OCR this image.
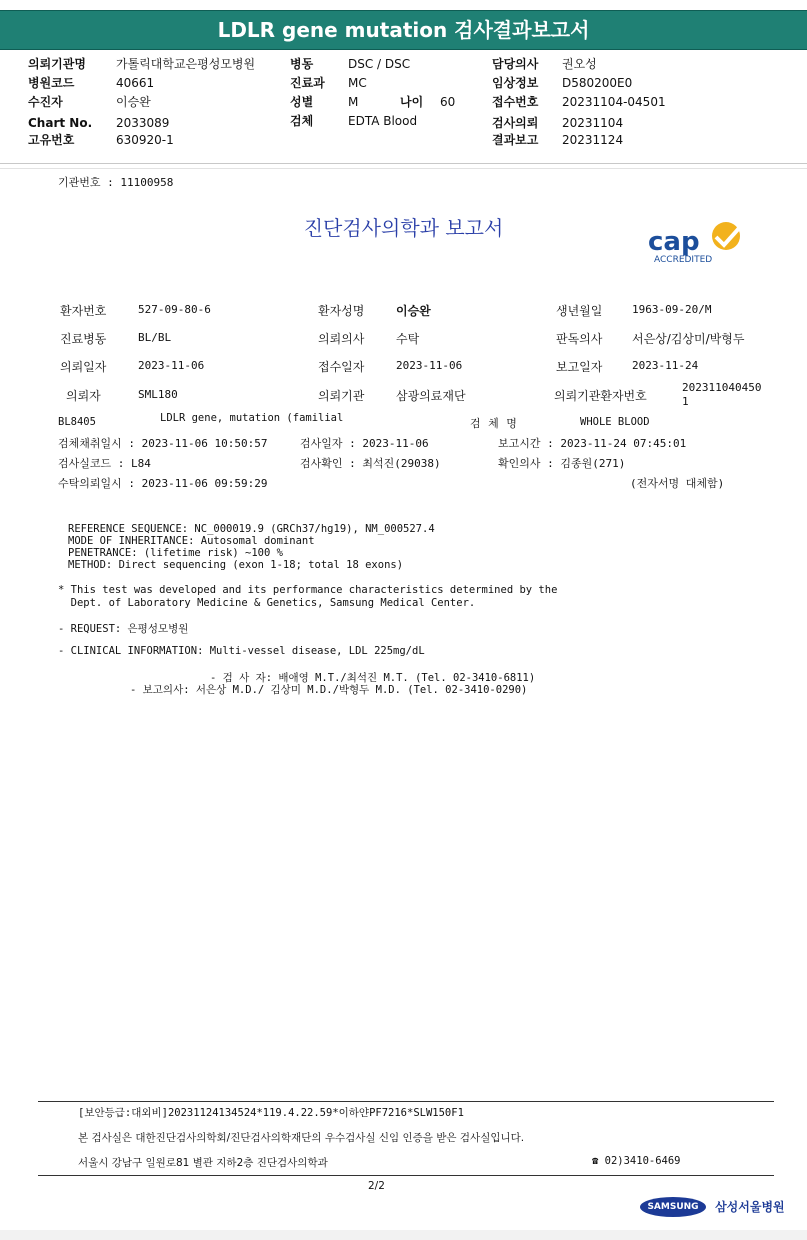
LDLR gene mutation 검사결과보고서
의뢰기관명	가톨릭대학교은평성모병원
병원코드	40661
수진자	이승완
Chart No. 2033089
고유번호	630920-1
병동	DSC / DSC
진료과 MC
성별	M	나이 60
검체	EDTA Blood
담당의사 권오성
임상정보 D580200E0
접수번호 20231104-04501
검사의뢰 20231104
결과보고 20231124
기관번호 : 11100958
진단검사의학과 보고서	cap
ACCREDITED
환자번호	527-09-80-6	환자성명	이승완	생년월일	1963-09-20/M
진료병동	BL/BL	의뢰의사	수탁	판독의사 서은상/김상미/박형두
의뢰일자	2023-11-06	접수일자	2023-11-06	보고일자	2023-11-24
의뢰자	SML180	의뢰기관	삼광의료재단	의뢰기관환자번호
202311040450
1
BL8405	LDLR gene, mutation (familial	검 체 명	WHOLE BLOOD
검체채취일시 : 2023-11-06 10:50:57	검사일자 : 2023-11-06	보고시간 : 2023-11-24 07:45:01
검사실코드 : L84	검사확인 : 최석진(29038)	확인의사 : 김종원(271)
수탁의뢰일시 : 2023-11-06 09:59:29	(전자서명 대체함)
REFERENCE SEQUENCE: NC_000019.9 (GRCh37/hg19), NM_000527.4
MODE OF INHERITANCE: Autosomal dominant
PENETRANCE: (lifetime risk) ~100 %
METHOD: Direct sequencing (exon 1-18; total 18 exons)
* This test was developed and its performance characteristics determined by the
Dept. of Laboratory Medicine & Genetics, Samsung Medical Center.
- REQUEST: 은평성모병원
- CLINICAL INFORMATION: Multi-vessel disease, LDL 225mg/dL
- 검 사 자: 배애영 M.T./최석진 M.T. (Tel. 02-3410-6811)
- 보고의사: 서은상 M.D./ 김상미 M.D./박형두 M.D. (Tel. 02-3410-0290)
[보안등급:대외비]20231124134524*119.4.22.59*이하얀PF7216*SLW150F1
본 검사실은 대한진단검사의학회/진단검사의학재단의 우수검사실 신임 인증을 받은 검사실입니다.
서울시 강남구 일원로81 별관 지하2층 진단검사의학과	☎ 02)3410-6469
2/2
SAMSUNG 삼성서울병원
